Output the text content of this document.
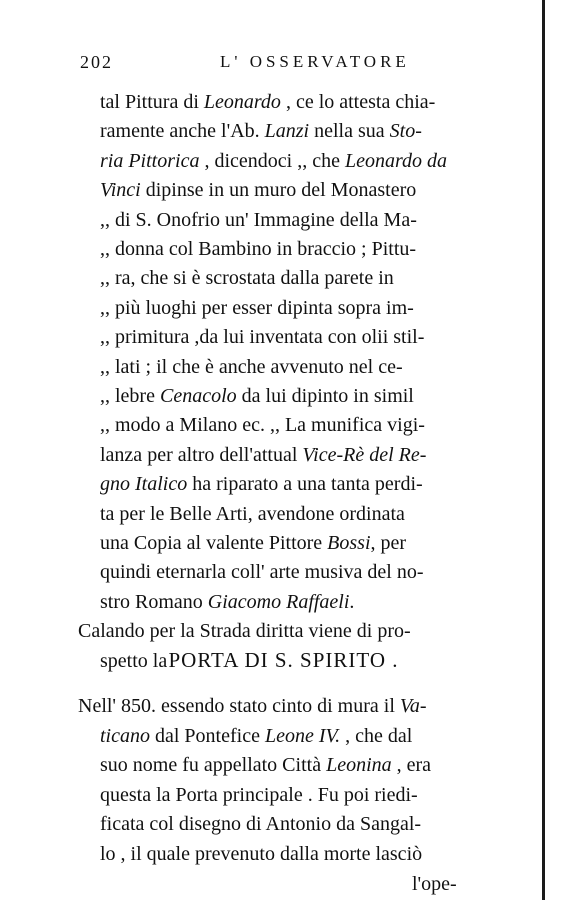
202	L' OSSERVATORE
tal Pittura di Leonardo , ce lo attesta chia-
ramente anche l'Ab. Lanzi nella sua Sto-
ria Pittorica , dicendoci ,, che Leonardo da
Vinci dipinse in un muro del Monastero
,, di S. Onofrio un' Immagine della Ma-
,, donna col Bambino in braccio ; Pittu-
,, ra, che si è scrostata dalla parete in
,, più luoghi per esser dipinta sopra im-
,, primitura ,da lui inventata con olii stil-
,, lati ; il che è anche avvenuto nel ce-
,, lebre Cenacolo da lui dipinto in simil
,, modo a Milano ec. ,, La munifica vigi-
lanza per altro dell'attual Vice-Rè del Re-
gno Italico ha riparato a una tanta perdi-
ta per le Belle Arti, avendone ordinata
una Copia al valente Pittore Bossi, per
quindi eternarla coll' arte musiva del no-
stro Romano Giacomo Raffaeli.
Calando per la Strada diritta viene di pro-
spetto la
Nell' 850. essendo stato cinto di mura il Va-
ticano dal Pontefice Leone IV. , che dal
suo nome fu appellato Città Leonina , era
questa la Porta principale . Fu poi riedi-
ficata col disegno di Antonio da Sangal-
lo , il quale prevenuto dalla morte lasciò
l'ope-
PORTA DI S. SPIRITO .
